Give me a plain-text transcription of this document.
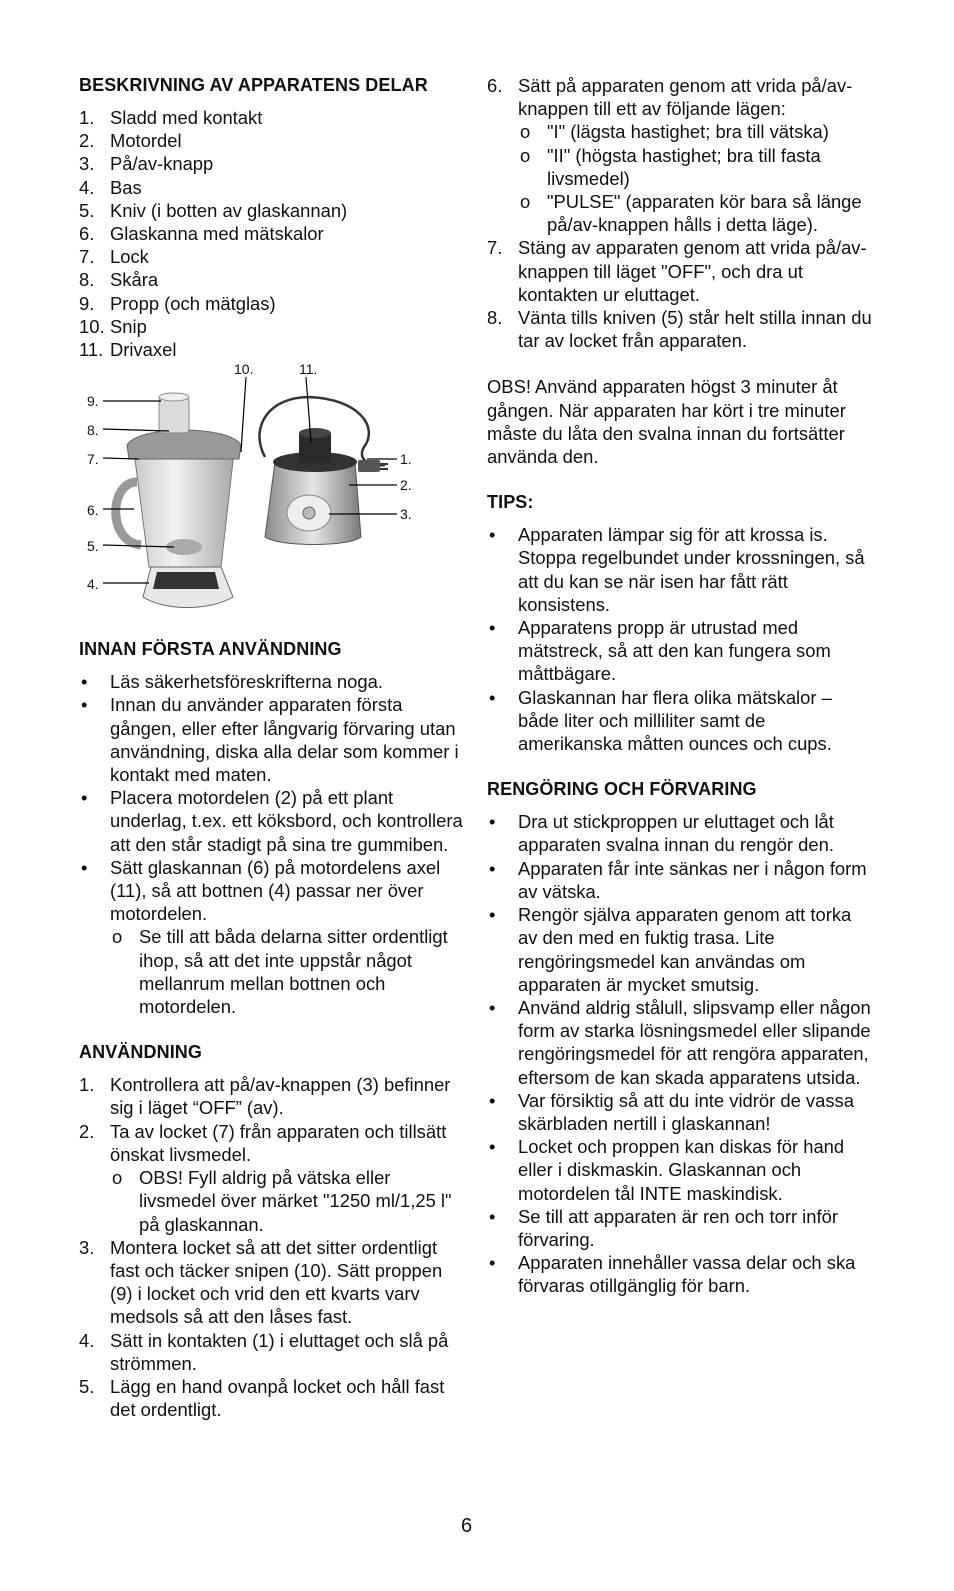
BESKRIVNING AV APPARATENS DELAR
1. Sladd med kontakt
2. Motordel
3. På/av-knapp
4. Bas
5. Kniv (i botten av glaskannan)
6. Glaskanna med mätskalor
7. Lock
8. Skåra
9. Propp (och mätglas)
10. Snip
11. Drivaxel
9.
8.
7.
6.
5.
4.
10.	11.
1.
2.
3.
INNAN FÖRSTA ANVÄNDNING
• Läs säkerhetsföreskrifterna noga.
• Innan du använder apparaten första gången, eller efter långvarig förvaring utan användning, diska alla delar som kommer i kontakt med maten.
• Placera motordelen (2) på ett plant underlag, t.ex. ett köksbord, och kontrollera att den står stadigt på sina tre gummiben.
• Sätt glaskannan (6) på motordelens axel (11), så att bottnen (4) passar ner över motordelen.
o Se till att båda delarna sitter ordentligt ihop, så att det inte uppstår något mellanrum mellan bottnen och motordelen.
ANVÄNDNING
1. Kontrollera att på/av-knappen (3) befinner sig i läget “OFF” (av).
2. Ta av locket (7) från apparaten och tillsätt önskat livsmedel.
o OBS! Fyll aldrig på vätska eller livsmedel över märket "1250 ml/1,25 l" på glaskannan.
3. Montera locket så att det sitter ordentligt fast och täcker snipen (10). Sätt proppen (9) i locket och vrid den ett kvarts varv medsols så att den låses fast.
4. Sätt in kontakten (1) i eluttaget och slå på strömmen.
5. Lägg en hand ovanpå locket och håll fast det ordentligt.
6. Sätt på apparaten genom att vrida på/av-knappen till ett av följande lägen:
o "I" (lägsta hastighet; bra till vätska)
o "II" (högsta hastighet; bra till fasta livsmedel)
o "PULSE" (apparaten kör bara så länge på/av-knappen hålls i detta läge).
7. Stäng av apparaten genom att vrida på/av-knappen till läget "OFF", och dra ut kontakten ur eluttaget.
8. Vänta tills kniven (5) står helt stilla innan du tar av locket från apparaten.

OBS! Använd apparaten högst 3 minuter åt gången. När apparaten har kört i tre minuter måste du låta den svalna innan du fortsätter använda den.

TIPS:
• Apparaten lämpar sig för att krossa is. Stoppa regelbundet under krossningen, så att du kan se när isen har fått rätt konsistens.
• Apparatens propp är utrustad med mätstreck, så att den kan fungera som måttbägare.
• Glaskannan har flera olika mätskalor – både liter och milliliter samt de amerikanska måtten ounces och cups.
RENGÖRING OCH FÖRVARING
• Dra ut stickproppen ur eluttaget och låt apparaten svalna innan du rengör den.
• Apparaten får inte sänkas ner i någon form av vätska.
• Rengör själva apparaten genom att torka av den med en fuktig trasa. Lite rengöringsmedel kan användas om apparaten är mycket smutsig.
• Använd aldrig stålull, slipsvamp eller någon form av starka lösningsmedel eller slipande rengöringsmedel för att rengöra apparaten, eftersom de kan skada apparatens utsida.
• Var försiktig så att du inte vidrör de vassa skärbladen nertill i glaskannan!
• Locket och proppen kan diskas för hand eller i diskmaskin. Glaskannan och motordelen tål INTE maskindisk.
• Se till att apparaten är ren och torr inför förvaring.
• Apparaten innehåller vassa delar och ska förvaras otillgänglig för barn.
6
